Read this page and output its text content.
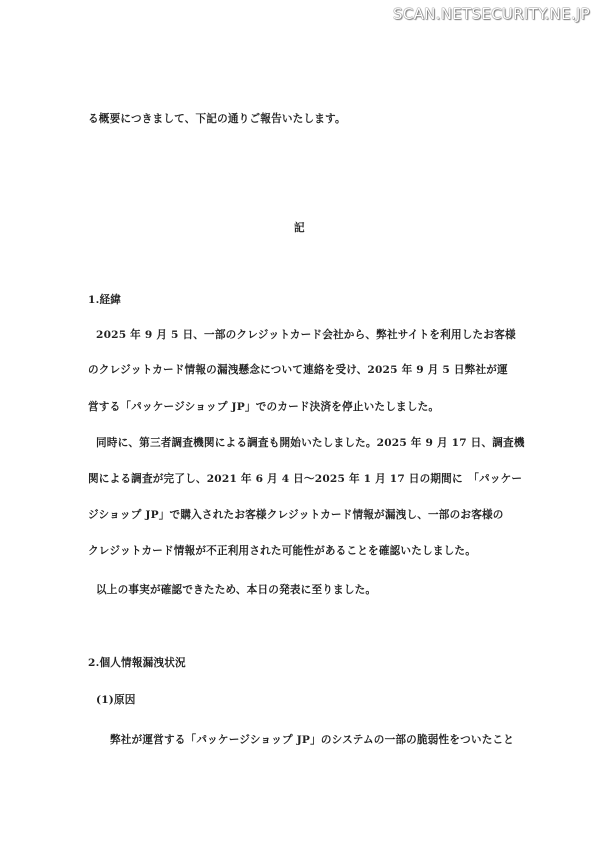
SCAN.NETSECURITY.NE.JP
る概要につきまして、下記の通りご報告いたします。
記
1.経緯
2025 年 9 月 5 日、一部のクレジットカード会社から、弊社サイトを利用したお客様
のクレジットカード情報の漏洩懸念について連絡を受け、2025 年 9 月 5 日弊社が運
営する「パッケージショップ JP」でのカード決済を停止いたしました。
同時に、第三者調査機関による調査も開始いたしました。2025 年 9 月 17 日、調査機
関による調査が完了し、2021 年 6 月 4 日～2025 年 1 月 17 日の期間に　「パッケー
ジショップ JP」で購入されたお客様クレジットカード情報が漏洩し、一部のお客様の
クレジットカード情報が不正利用された可能性があることを確認いたしました。
以上の事実が確認できたため、本日の発表に至りました。
2.個人情報漏洩状況
(1)原因
弊社が運営する「パッケージショップ JP」のシステムの一部の脆弱性をついたこと
